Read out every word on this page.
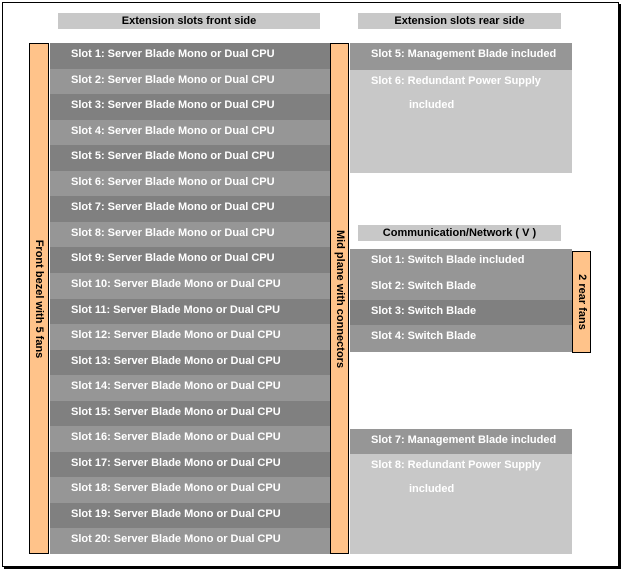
Extension slots front side	Extension slots rear side
Front bezel with 5 fans
Slot 1: Server Blade Mono or Dual CPU
Slot 2: Server Blade Mono or Dual CPU
Slot 3: Server Blade Mono or Dual CPU
Slot 4: Server Blade Mono or Dual CPU
Slot 5: Server Blade Mono or Dual CPU
Slot 6: Server Blade Mono or Dual CPU
Slot 7: Server Blade Mono or Dual CPU
Slot 8: Server Blade Mono or Dual CPU
Slot 9: Server Blade Mono or Dual CPU
Slot 10: Server Blade Mono or Dual CPU
Slot 11: Server Blade Mono or Dual CPU
Slot 12: Server Blade Mono or Dual CPU
Slot 13: Server Blade Mono or Dual CPU
Slot 14: Server Blade Mono or Dual CPU
Slot 15: Server Blade Mono or Dual CPU
Slot 16: Server Blade Mono or Dual CPU
Slot 17: Server Blade Mono or Dual CPU
Slot 18: Server Blade Mono or Dual CPU
Slot 19: Server Blade Mono or Dual CPU
Slot 20: Server Blade Mono or Dual CPU
Mid plane with connectors
Slot 5: Management Blade included
Slot 6: Redundant Power Supply
included
Communication/Network ( V )
Slot 1: Switch Blade included
Slot 2: Switch Blade
Slot 3: Switch Blade
Slot 4: Switch Blade
2 rear fans
Slot 7: Management Blade included
Slot 8: Redundant Power Supply
included
